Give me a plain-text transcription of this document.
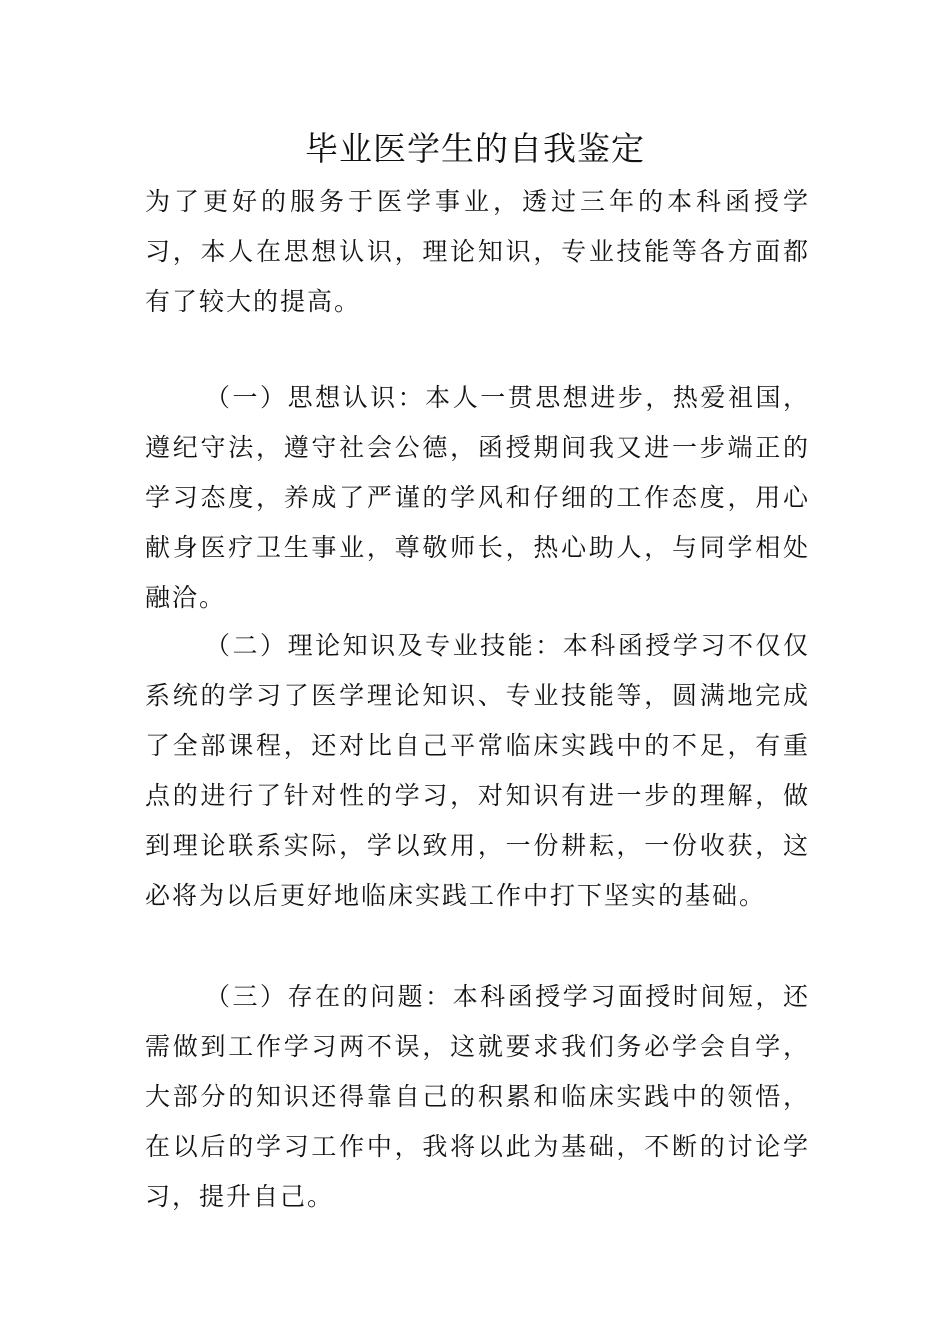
毕业医学生的自我鉴定

为了更好的服务于医学事业，透过三年的本科函授学习，本人在思想认识，理论知识，专业技能等各方面都有了较大的提高。

（一）思想认识：本人一贯思想进步，热爱祖国，遵纪守法，遵守社会公德，函授期间我又进一步端正的学习态度，养成了严谨的学风和仔细的工作态度，用心献身医疗卫生事业，尊敬师长，热心助人，与同学相处融洽。

（二）理论知识及专业技能：本科函授学习不仅仅系统的学习了医学理论知识、专业技能等，圆满地完成了全部课程，还对比自己平常临床实践中的不足，有重点的进行了针对性的学习，对知识有进一步的理解，做到理论联系实际，学以致用，一份耕耘，一份收获，这必将为以后更好地临床实践工作中打下坚实的基础。

（三）存在的问题：本科函授学习面授时间短，还需做到工作学习两不误，这就要求我们务必学会自学，大部分的知识还得靠自己的积累和临床实践中的领悟，在以后的学习工作中，我将以此为基础，不断的讨论学习，提升自己。
